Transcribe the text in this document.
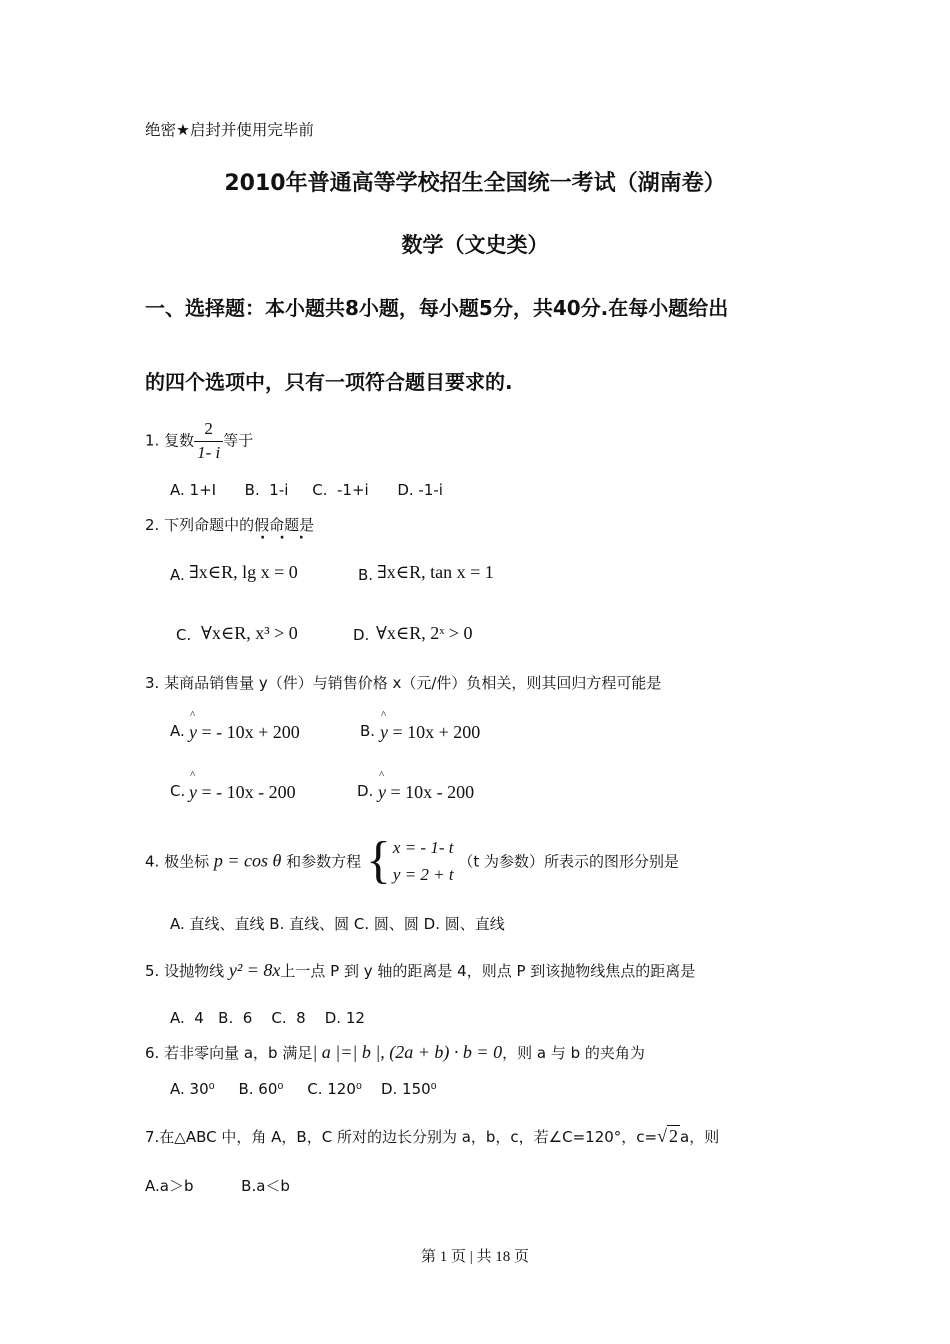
绝密★启封并使用完毕前
2010年普通高等学校招生全国统一考试（湖南卷）
数学（文史类）
一、选择题：本小题共8小题，每小题5分，共40分.在每小题给出
的四个选项中，只有一项符合题目要求的.
1. 复数 $\frac{2}{1- i}$ 等于
A. 1+I      B.  1-i     C.  -1+i      D. -1-i
2. 下列命题中的假命题是
···
A. ∃x∈R, lg x = 0	B. ∃x∈R, tan x = 1
C. ∀x∈R, x³ > 0	D. ∀x∈R, 2ˣ > 0
3. 某商品销售量 y（件）与销售价格 x（元/件）负相关，则其回归方程可能是
A. ^ y = - 10x + 200	B. ^ y = 10x + 200
C. ^ y = - 10x - 200	D. ^ y = 10x - 200
4. 极坐标 p = cos θ 和参数方程 { x = - 1- t
y = 2 + t
（t 为参数）所表示的图形分别是
A. 直线、直线 B. 直线、圆 C. 圆、圆 D. 圆、直线
5. 设抛物线 y² = 8x上一点 P 到 y 轴的距离是 4，则点 P 到该抛物线焦点的距离是
A.  4   B.  6    C.  8    D. 12
6. 若非零向量 a，b 满足| a |=| b |, (2a + b) · b = 0，则 a 与 b 的夹角为
A. 30⁰     B. 60⁰     C. 120⁰    D. 150⁰
7.在△ABC 中，角 A，B，C 所对的边长分别为 a，b，c，若∠C=120°，c=√ 2 a，则
A.a＞b          B.a＜b
第 1 页 | 共 18 页
